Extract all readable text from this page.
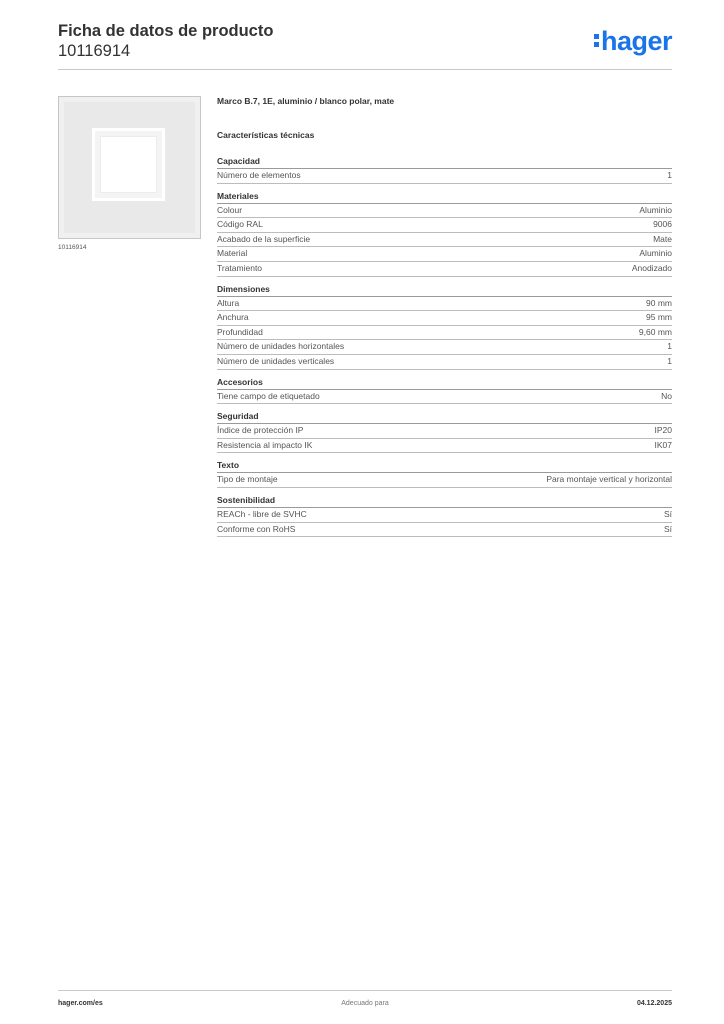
Ficha de datos de producto
10116914	hager
10116914
Marco B.7, 1E, aluminio / blanco polar, mate
Características técnicas
Capacidad
Número de elementos	1
Materiales
Colour	Aluminio
Código RAL	9006
Acabado de la superficie	Mate
Material	Aluminio
Tratamiento	Anodizado
Dimensiones
Altura	90 mm
Anchura	95 mm
Profundidad	9,60 mm
Número de unidades horizontales	1
Número de unidades verticales	1
Accesorios
Tiene campo de etiquetado	No
Seguridad
Índice de protección IP	IP20
Resistencia al impacto IK	IK07
Texto
Tipo de montaje	Para montaje vertical y horizontal
Sostenibilidad
REACh - libre de SVHC	Sí
Conforme con RoHS	Sí
hager.com/es	Adecuado para	04.12.2025
